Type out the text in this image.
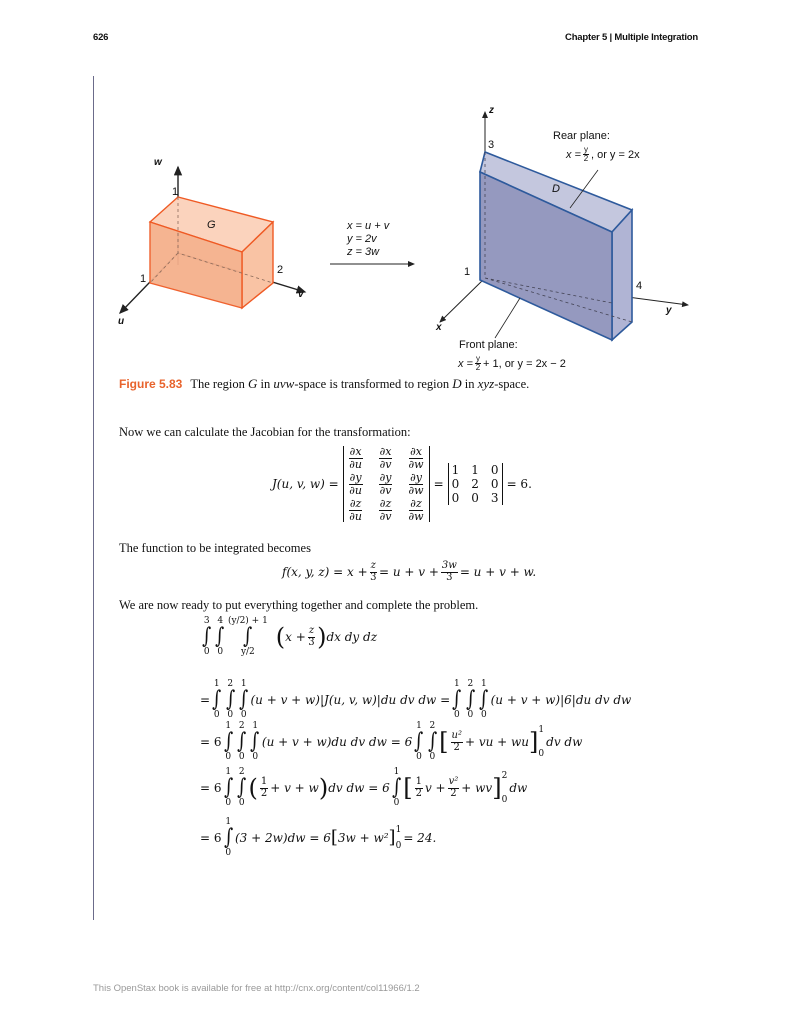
626	Chapter 5 | Multiple Integration
w
u
v
1
1
2
G	x = u + v
y = 2v
z = 3w
z
x
y
3
1
4
D
Rear plane:
$x = \frac{y}{2}$ , or y = 2x
Front plane:
$x = \frac{y}{2} + 1$, or y = 2x − 2
Figure 5.83 The region G in uvw-space is transformed to region D in xyz-space.
Now we can calculate the Jacobian for the transformation:
J(u, v, w) =
$\frac{\partial x}{\partial u} \frac{\partial x}{\partial v} \frac{\partial x}{\partial w}$
$\frac{\partial y}{\partial u} \frac{\partial y}{\partial v} \frac{\partial y}{\partial w}$
$\frac{\partial z}{\partial u} \frac{\partial z}{\partial v} \frac{\partial z}{\partial w}$
=
1 1 0
0 2 0
0 0 3
= 6.
The function to be integrated becomes
f(x, y, $z) = x + \frac{z}{3} = u + v + \frac{3w}{3} = u + v + w$.
We are now ready to put everything together and complete the problem.
3
∫
0
4
∫
0
(y/2) + 1
∫
y/2
( $x + \frac{z}{3}$ ) dx dy dz
=
1
∫
0
2
∫
0
1
∫
0
(u + v + w)|J(u, v, w)|du dv dw =
1
∫
0
2
∫
0
1
∫
0
(u + v + w)|6|du dv dw
= 6
1
∫
0
2
∫
0
1
∫
0
(u + v + w)du dv dw = 6
1
∫
0
2
∫
0
[ $\frac{\text{u²}}{2}$ + vu + wu ] 1
0
dv dw
= 6
1
∫
0
2
∫
0
( $\frac{1}{2} + v + w$ ) dv dw = 6
1
∫
0
[ $\frac{1}{2}$ $v + \frac{\text{v²}}{2}$ + wv ] 2
0
dw
= 6
1
∫
0
(3 + 2w)dw = 6 [ 3w + w² ] 1
0
= 24.
This OpenStax book is available for free at http://cnx.org/content/col11966/1.2
